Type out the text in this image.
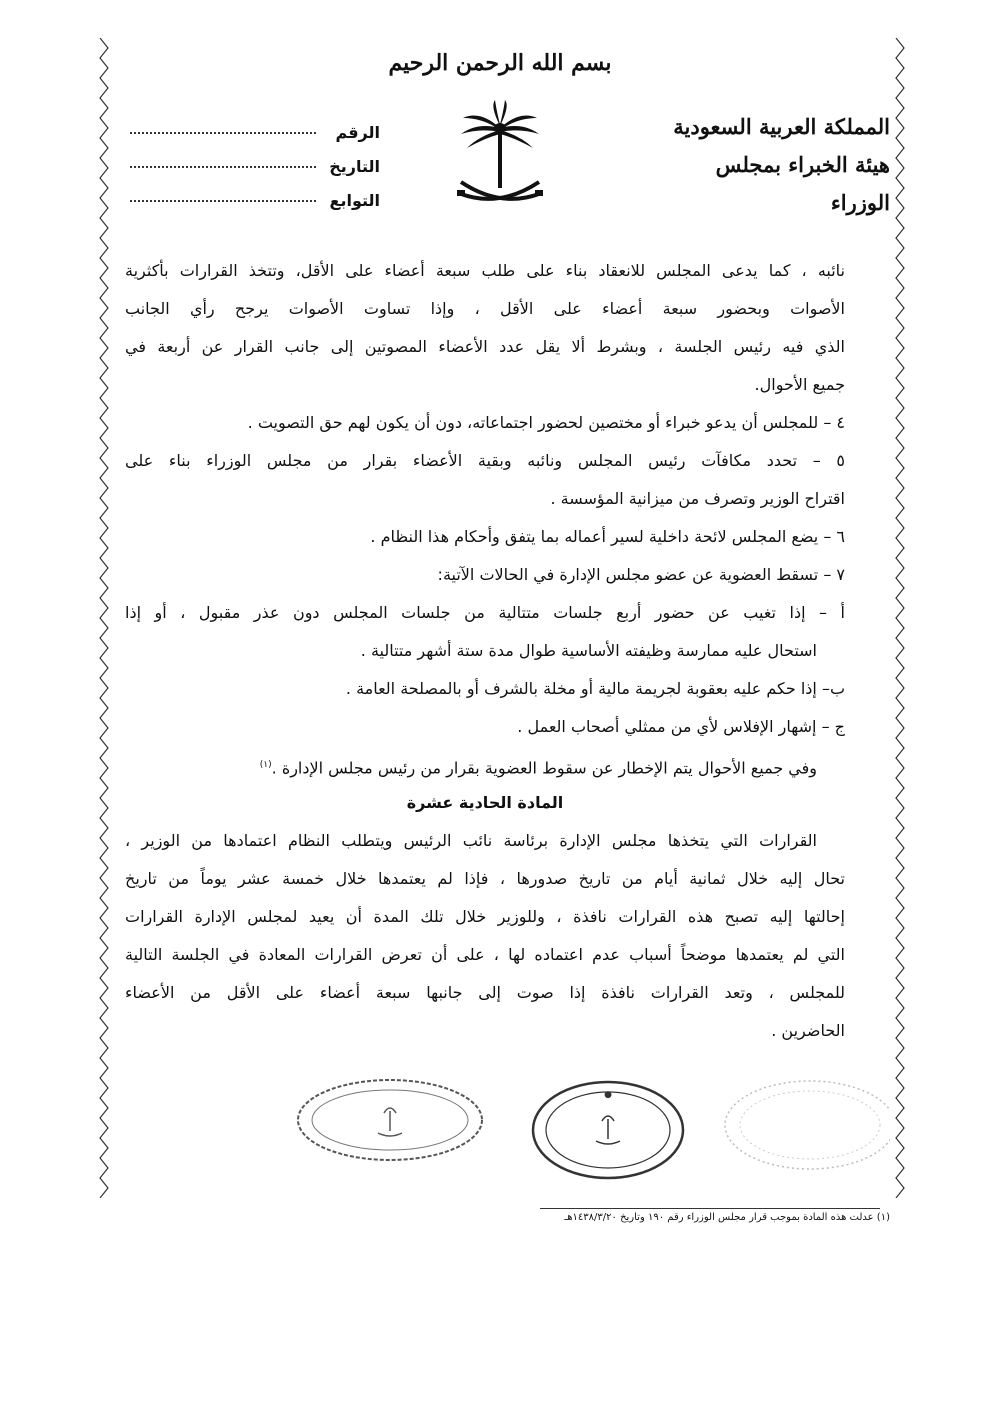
بسم الله الرحمن الرحيم
المملكة العربية السعودية
هيئة الخبراء بمجلس الوزراء
الرقم
التاريخ
التوابع
نائبه ، كما يدعى المجلس للانعقاد بناء على طلب سبعة أعضاء على الأقل، وتتخذ القرارات بأكثرية
الأصوات وبحضور سبعة أعضاء على الأقل ، وإذا تساوت الأصوات يرجح رأي الجانب
الذي فيه رئيس الجلسة ، وبشرط ألا يقل عدد الأعضاء المصوتين إلى جانب القرار عن أربعة في
جميع الأحوال.
٤ – للمجلس أن يدعو خبراء أو مختصين لحضور اجتماعاته، دون أن يكون لهم حق التصويت .
٥ – تحدد مكافآت رئيس المجلس ونائبه وبقية الأعضاء بقرار من مجلس الوزراء بناء على
اقتراح الوزير وتصرف من ميزانية المؤسسة .
٦ – يضع المجلس لائحة داخلية لسير أعماله بما يتفق وأحكام هذا النظام .
٧ – تسقط العضوية عن عضو مجلس الإدارة في الحالات الآتية:
أ – إذا تغيب عن حضور أربع جلسات متتالية من جلسات المجلس دون عذر مقبول ، أو إذا
استحال عليه ممارسة وظيفته الأساسية طوال مدة ستة أشهر متتالية .
ب– إذا حكم عليه بعقوبة لجريمة مالية أو مخلة بالشرف أو بالمصلحة العامة .
ج – إشهار الإفلاس لأي من ممثلي أصحاب العمل .
وفي جميع الأحوال يتم الإخطار عن سقوط العضوية بقرار من رئيس مجلس الإدارة .$^{(١)}$
المادة الحادية عشرة
القرارات التي يتخذها مجلس الإدارة برئاسة نائب الرئيس ويتطلب النظام اعتمادها من الوزير ،
تحال إليه خلال ثمانية أيام من تاريخ صدورها ، فإذا لم يعتمدها خلال خمسة عشر يوماً من تاريخ
إحالتها إليه تصبح هذه القرارات نافذة ، وللوزير خلال تلك المدة أن يعيد لمجلس الإدارة القرارات
التي لم يعتمدها موضحاً أسباب عدم اعتماده لها ، على أن تعرض القرارات المعادة في الجلسة التالية
للمجلس ، وتعد القرارات نافذة إذا صوت إلى جانبها سبعة أعضاء على الأقل من الأعضاء
الحاضرين .
●
(١) عدلت هذه المادة بموجب قرار مجلس الوزراء رقم ١٩٠ وتاريخ ١٤٣٨/٣/٢٠هـ
